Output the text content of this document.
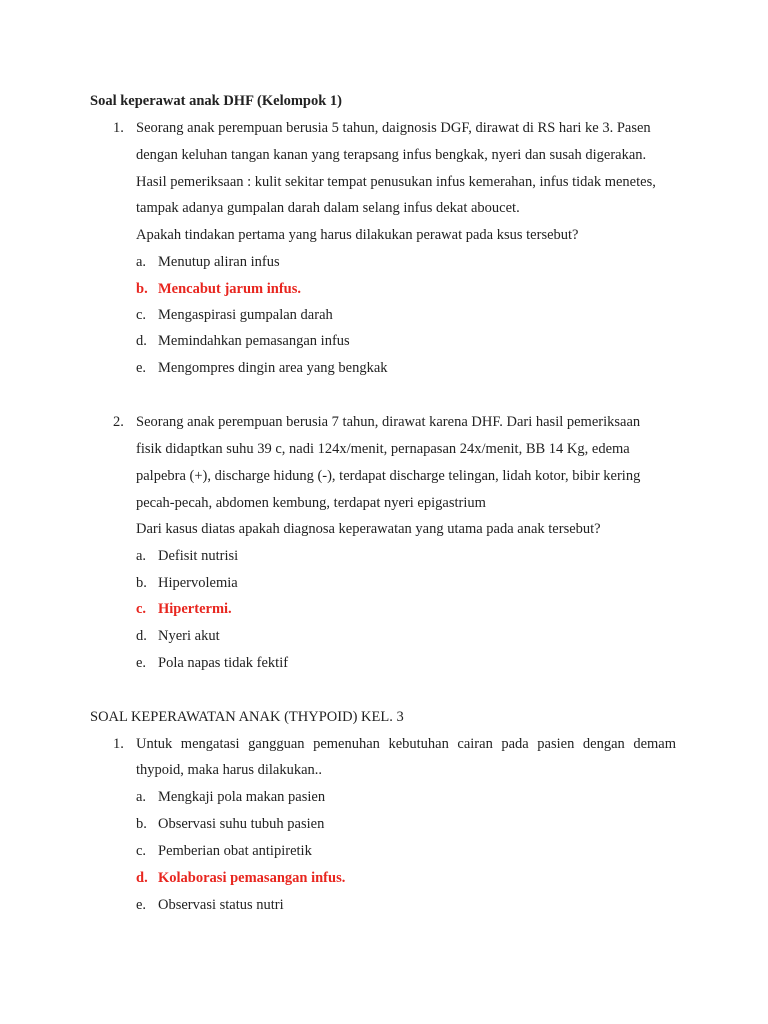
Soal keperawat anak DHF (Kelompok 1)
1. Seorang anak perempuan berusia 5 tahun, daignosis DGF, dirawat di RS hari ke 3. Pasen
dengan keluhan tangan kanan yang terapsang infus bengkak, nyeri dan susah digerakan.
Hasil pemeriksaan : kulit sekitar tempat penusukan infus kemerahan, infus tidak menetes,
tampak adanya gumpalan darah dalam selang infus dekat aboucet.
Apakah tindakan pertama yang harus dilakukan perawat pada ksus tersebut?
a. Menutup aliran infus
b. Mencabut jarum infus.
c. Mengaspirasi gumpalan darah
d. Memindahkan pemasangan infus
e. Mengompres dingin area yang bengkak
2. Seorang anak perempuan berusia 7 tahun, dirawat karena DHF. Dari hasil pemeriksaan
fisik didaptkan suhu 39 c, nadi 124x/menit, pernapasan 24x/menit, BB 14 Kg, edema
palpebra (+), discharge hidung (-), terdapat discharge telingan, lidah kotor, bibir kering
pecah-pecah, abdomen kembung, terdapat nyeri epigastrium
Dari kasus diatas apakah diagnosa keperawatan yang utama pada anak tersebut?
a. Defisit nutrisi
b. Hipervolemia
c. Hipertermi.
d. Nyeri akut
e. Pola napas tidak fektif
SOAL KEPERAWATAN ANAK (THYPOID) KEL. 3
1. Untuk mengatasi gangguan pemenuhan kebutuhan cairan pada pasien dengan demam
thypoid, maka harus dilakukan..
a. Mengkaji pola makan pasien
b. Observasi suhu tubuh pasien
c. Pemberian obat antipiretik
d. Kolaborasi pemasangan infus.
e. Observasi status nutri
